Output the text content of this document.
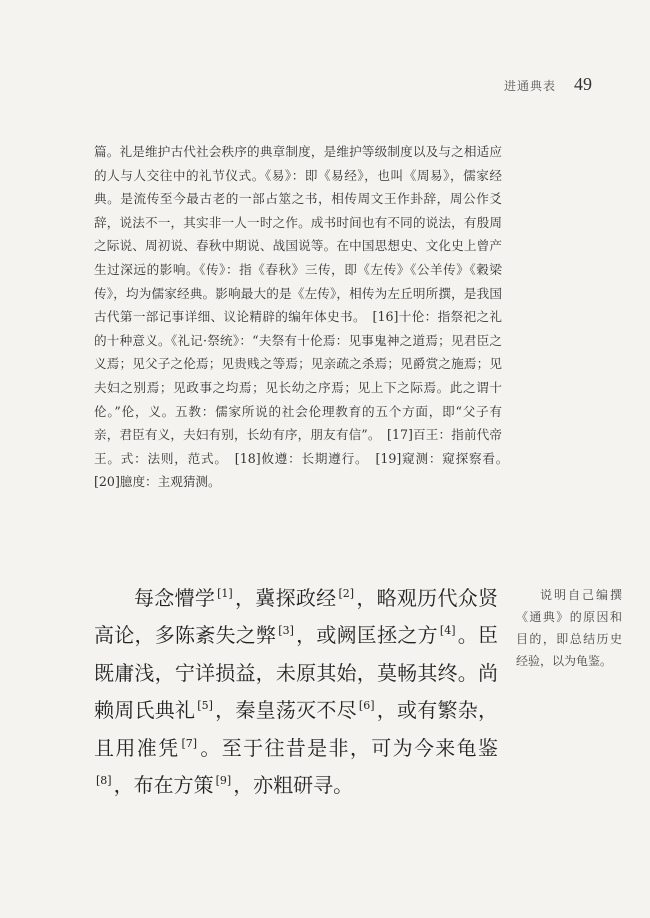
进通典表 49

篇。礼是维护古代社会秩序的典章制度，是维护等级制度以及与之相适应的人与人交往中的礼节仪式。《易》：即《易经》，也叫《周易》，儒家经典。是流传至今最古老的一部占筮之书，相传周文王作卦辞，周公作爻辞，说法不一，其实非一人一时之作。成书时间也有不同的说法，有殷周之际说、周初说、春秋中期说、战国说等。在中国思想史、文化史上曾产生过深远的影响。《传》：指《春秋》三传，即《左传》《公羊传》《穀梁传》，均为儒家经典。影响最大的是《左传》，相传为左丘明所撰，是我国古代第一部记事详细、议论精辟的编年体史书。　[16]十伦：指祭祀之礼的十种意义。《礼记·祭统》：“夫祭有十伦焉：见事鬼神之道焉；见君臣之义焉；见父子之伦焉；见贵贱之等焉；见亲疏之杀焉；见爵赏之施焉；见夫妇之别焉；见政事之均焉；见长幼之序焉；见上下之际焉。此之谓十伦。”伦，义。五教：儒家所说的社会伦理教育的五个方面，即“父子有亲，君臣有义，夫妇有别，长幼有序，朋友有信”。　[17]百王：指前代帝王。式：法则，范式。　[18]攸遵：长期遵行。　[19]窥测：窥探察看。　[20]臆度：主观猜测。

每念懵学 [1] ，冀探政经 [2] ，略观历代众贤高论，多陈紊失之弊 [3] ，或阙匡拯之方 [4] 。臣既庸浅，宁详损益，未原其始，莫畅其终。尚赖周氏典礼 [5] ，秦皇荡灭不尽 [6] ，或有繁杂，且用准凭 [7] 。至于往昔是非，可为今来龟鉴[8] ，布在方策 [9] ，亦粗研寻。

说明自己编撰《通典》的原因和目的，即总结历史经验，以为龟鉴。
